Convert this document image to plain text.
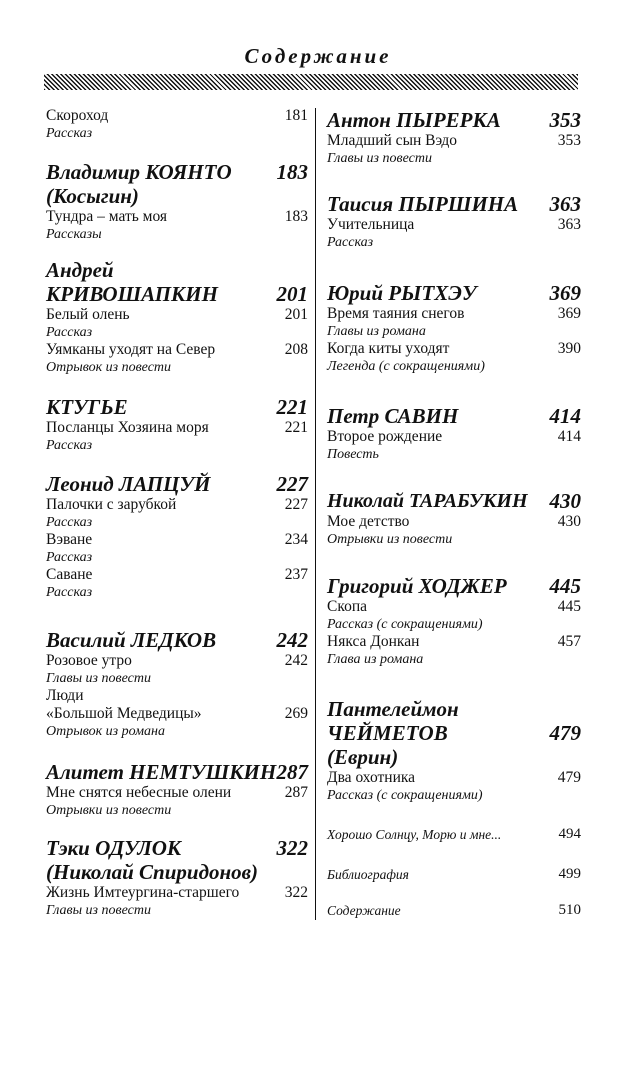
Содержание
Скороход	181
Рассказ
Владимир КОЯНТО 183
(Косыгин)
Тундра – мать моя	183
Рассказы
Андрей
КРИВОШАПКИН	201
Белый олень	201
Рассказ
Уямканы уходят на Север	208
Отрывок из повести
КТУГЬЕ	221
Посланцы Хозяина моря	221
Рассказ
Леонид ЛАПЦУЙ	227
Палочки с зарубкой	227
Рассказ
Вэване	234
Рассказ
Саване	237
Рассказ
Василий ЛЕДКОВ	242
Розовое утро	242
Главы из повести
Люди
«Большой Медведицы»	269
Отрывок из романа
Алитет НЕМТУШКИН 287
Мне снятся небесные олени	287
Отрывки из повести
Тэки ОДУЛОК	322
(Николай Спиридонов)
Жизнь Имтеургина-старшего	322
Главы из повести
Антон ПЫРЕРКА 353
Младший сын Вэдо	353
Главы из повести
Таисия ПЫРШИНА 363
Учительница	363
Рассказ
Юрий РЫТХЭУ	369
Время таяния снегов	369
Главы из романа
Когда киты уходят	390
Легенда (с сокращениями)
Петр САВИН	414
Второе рождение	414
Повесть
Николай ТАРАБУКИН 430
Мое детство	430
Отрывки из повести
Григорий ХОДЖЕР 445
Скопа	445
Рассказ (с сокращениями)
Някса Донкан	457
Глава из романа
Пантелеймон
ЧЕЙМЕТОВ	479
(Еврин)
Два охотника	479
Рассказ (с сокращениями)
Хорошо Солнцу, Морю и мне...	494
Библиография	499
Содержание	510
